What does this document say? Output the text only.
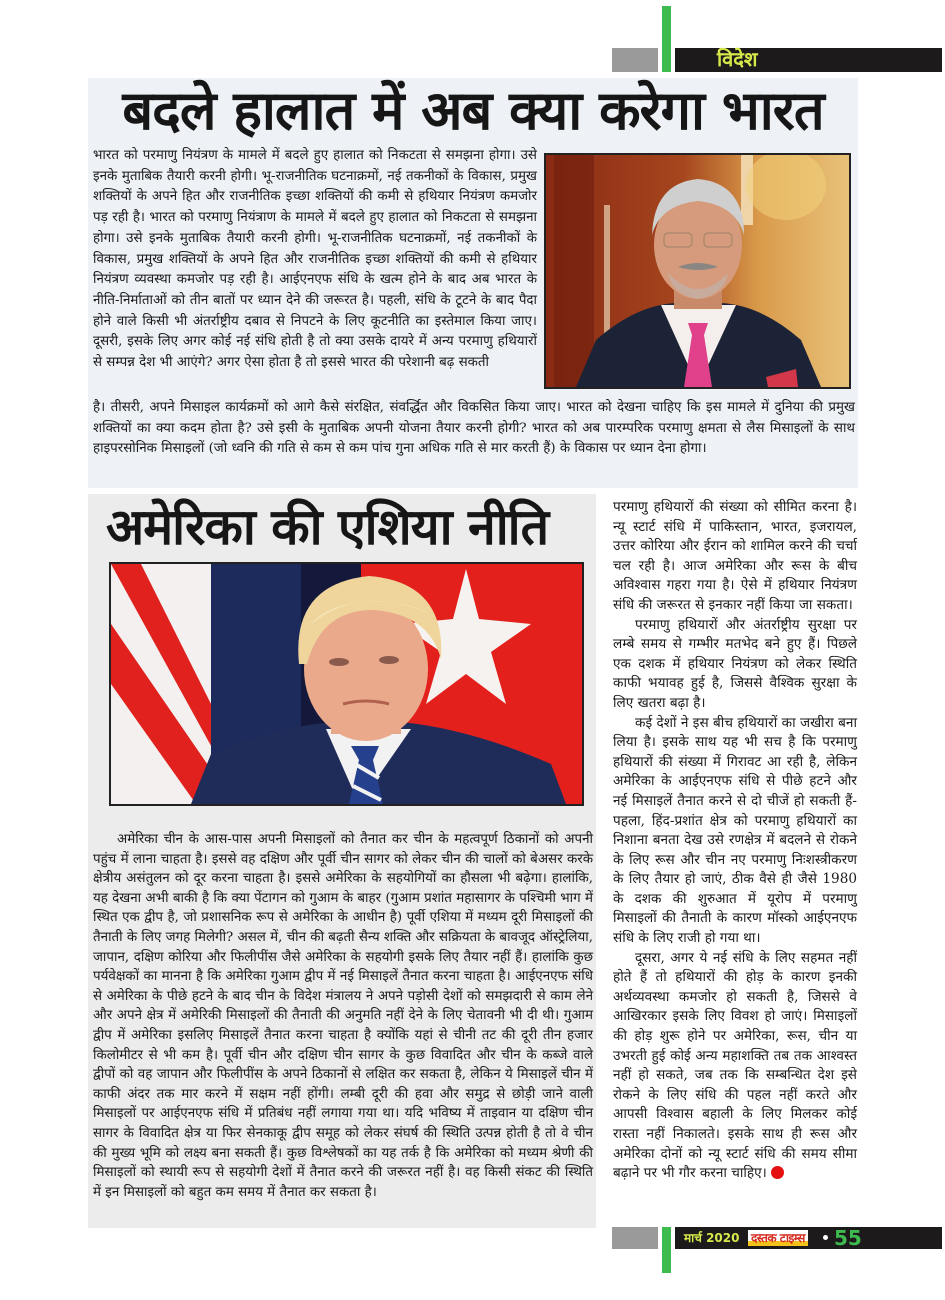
विदेश
बदले हालात में अब क्या करेगा भारत
भारत को परमाणु नियंत्रण के मामले में बदले हुए हालात को निकटता से समझना होगा। उसे इनके मुताबिक तैयारी करनी होगी। भू-राजनीतिक घटनाक्रमों, नई तकनीकों के विकास, प्रमुख शक्तियों के अपने हित और राजनीतिक इच्छा शक्तियों की कमी से हथियार नियंत्रण कमजोर पड़ रही है। भारत को परमाणु नियंत्राण के मामले में बदले हुए हालात को निकटता से समझना होगा। उसे इनके मुताबिक तैयारी करनी होगी। भू-राजनीतिक घटनाक्रमों, नई तकनीकों के विकास, प्रमुख शक्तियों के अपने हित और राजनीतिक इच्छा शक्तियों की कमी से हथियार नियंत्रण व्यवस्था कमजोर पड़ रही है। आईएनएफ संधि के खत्म होने के बाद अब भारत के नीति-निर्माताओं को तीन बातों पर ध्यान देने की जरूरत है। पहली, संधि के टूटने के बाद पैदा होने वाले किसी भी अंतर्राष्ट्रीय दबाव से निपटने के लिए कूटनीति का इस्तेमाल किया जाए। दूसरी, इसके लिए अगर कोई नई संधि होती है तो क्या उसके दायरे में अन्य परमाणु हथियारों से सम्पन्न देश भी आएंगे? अगर ऐसा होता है तो इससे भारत की परेशानी बढ़ सकती
है। तीसरी, अपने मिसाइल कार्यक्रमों को आगे कैसे संरक्षित, संवर्द्धित और विकसित किया जाए। भारत को देखना चाहिए कि इस मामले में दुनिया की प्रमुख शक्तियों का क्या कदम होता है? उसे इसी के मुताबिक अपनी योजना तैयार करनी होगी? भारत को अब पारम्परिक परमाणु क्षमता से लैस मिसाइलों के साथ हाइपरसोनिक मिसाइलों (जो ध्वनि की गति से कम से कम पांच गुना अधिक गति से मार करती हैं) के विकास पर ध्यान देना होगा।
अमेरिका की एशिया नीति

अमेरिका चीन के आस-पास अपनी मिसाइलों को तैनात कर चीन के महत्वपूर्ण ठिकानों को अपनी पहुंच में लाना चाहता है। इससे वह दक्षिण और पूर्वी चीन सागर को लेकर चीन की चालों को बेअसर करके क्षेत्रीय असंतुलन को दूर करना चाहता है। इससे अमेरिका के सहयोगियों का हौसला भी बढ़ेगा। हालांकि, यह देखना अभी बाकी है कि क्या पेंटागन को गुआम के बाहर (गुआम प्रशांत महासागर के पश्चिमी भाग में स्थित एक द्वीप है, जो प्रशासनिक रूप से अमेरिका के आधीन है) पूर्वी एशिया में मध्यम दूरी मिसाइलों की तैनाती के लिए जगह मिलेगी? असल में, चीन की बढ़ती सैन्य शक्ति और सक्रियता के बावजूद ऑस्ट्रेलिया, जापान, दक्षिण कोरिया और फिलीपींस जैसे अमेरिका के सहयोगी इसके लिए तैयार नहीं हैं। हालांकि कुछ पर्यवेक्षकों का मानना है कि अमेरिका गुआम द्वीप में नई मिसाइलें तैनात करना चाहता है। आईएनएफ संधि से अमेरिका के पीछे हटने के बाद चीन के विदेश मंत्रालय ने अपने पड़ोसी देशों को समझदारी से काम लेने और अपने क्षेत्र में अमेरिकी मिसाइलों की तैनाती की अनुमति नहीं देने के लिए चेतावनी भी दी थी। गुआम द्वीप में अमेरिका इसलिए मिसाइलें तैनात करना चाहता है क्योंकि यहां से चीनी तट की दूरी तीन हजार किलोमीटर से भी कम है। पूर्वी चीन और दक्षिण चीन सागर के कुछ विवादित और चीन के कब्जे वाले द्वीपों को वह जापान और फिलीपींस के अपने ठिकानों से लक्षित कर सकता है, लेकिन ये मिसाइलें चीन में काफी अंदर तक मार करने में सक्षम नहीं होंगी। लम्बी दूरी की हवा और समुद्र से छोड़ी जाने वाली मिसाइलों पर आईएनएफ संधि में प्रतिबंध नहीं लगाया गया था। यदि भविष्य में ताइवान या दक्षिण चीन सागर के विवादित क्षेत्र या फिर सेनकाकू द्वीप समूह को लेकर संघर्ष की स्थिति उत्पन्न होती है तो वे चीन की मुख्य भूमि को लक्ष्य बना सकती हैं। कुछ विश्लेषकों का यह तर्क है कि अमेरिका को मध्यम श्रेणी की मिसाइलों को स्थायी रूप से सहयोगी देशों में तैनात करने की जरूरत नहीं है। वह किसी संकट की स्थिति में इन मिसाइलों को बहुत कम समय में तैनात कर सकता है।

परमाणु हथियारों की संख्या को सीमित करना है। न्यू स्टार्ट संधि में पाकिस्तान, भारत, इजरायल, उत्तर कोरिया और ईरान को शामिल करने की चर्चा चल रही है। आज अमेरिका और रूस के बीच अविश्वास गहरा गया है। ऐसे में हथियार नियंत्रण संधि की जरूरत से इनकार नहीं किया जा सकता।

परमाणु हथियारों और अंतर्राष्ट्रीय सुरक्षा पर लम्बे समय से गम्भीर मतभेद बने हुए हैं। पिछले एक दशक में हथियार नियंत्रण को लेकर स्थिति काफी भयावह हुई है, जिससे वैश्विक सुरक्षा के लिए खतरा बढ़ा है।

कई देशों ने इस बीच हथियारों का जखीरा बना लिया है। इसके साथ यह भी सच है कि परमाणु हथियारों की संख्या में गिरावट आ रही है, लेकिन अमेरिका के आईएनएफ संधि से पीछे हटने और नई मिसाइलें तैनात करने से दो चीजें हो सकती हैं- पहला, हिंद-प्रशांत क्षेत्र को परमाणु हथियारों का निशाना बनता देख उसे रणक्षेत्र में बदलने से रोकने के लिए रूस और चीन नए परमाणु निःशस्त्रीकरण के लिए तैयार हो जाएं, ठीक वैसे ही जैसे 1980 के दशक की शुरुआत में यूरोप में परमाणु मिसाइलों की तैनाती के कारण मॉस्को आईएनएफ संधि के लिए राजी हो गया था।

दूसरा, अगर ये नई संधि के लिए सहमत नहीं होते हैं तो हथियारों की होड़ के कारण इनकी अर्थव्यवस्था कमजोर हो सकती है, जिससे वे आखिरकार इसके लिए विवश हो जाएं। मिसाइलों की होड़ शुरू होने पर अमेरिका, रूस, चीन या उभरती हुई कोई अन्य महाशक्ति तब तक आश्वस्त नहीं हो सकते, जब तक कि सम्बन्धित देश इसे रोकने के लिए संधि की पहल नहीं करते और आपसी विश्वास बहाली के लिए मिलकर कोई रास्ता नहीं निकालते। इसके साथ ही रूस और अमेरिका दोनों को न्यू स्टार्ट संधि की समय सीमा बढ़ाने पर भी गौर करना चाहिए।

मार्च 2020 दस्तक टाइम्स 55
